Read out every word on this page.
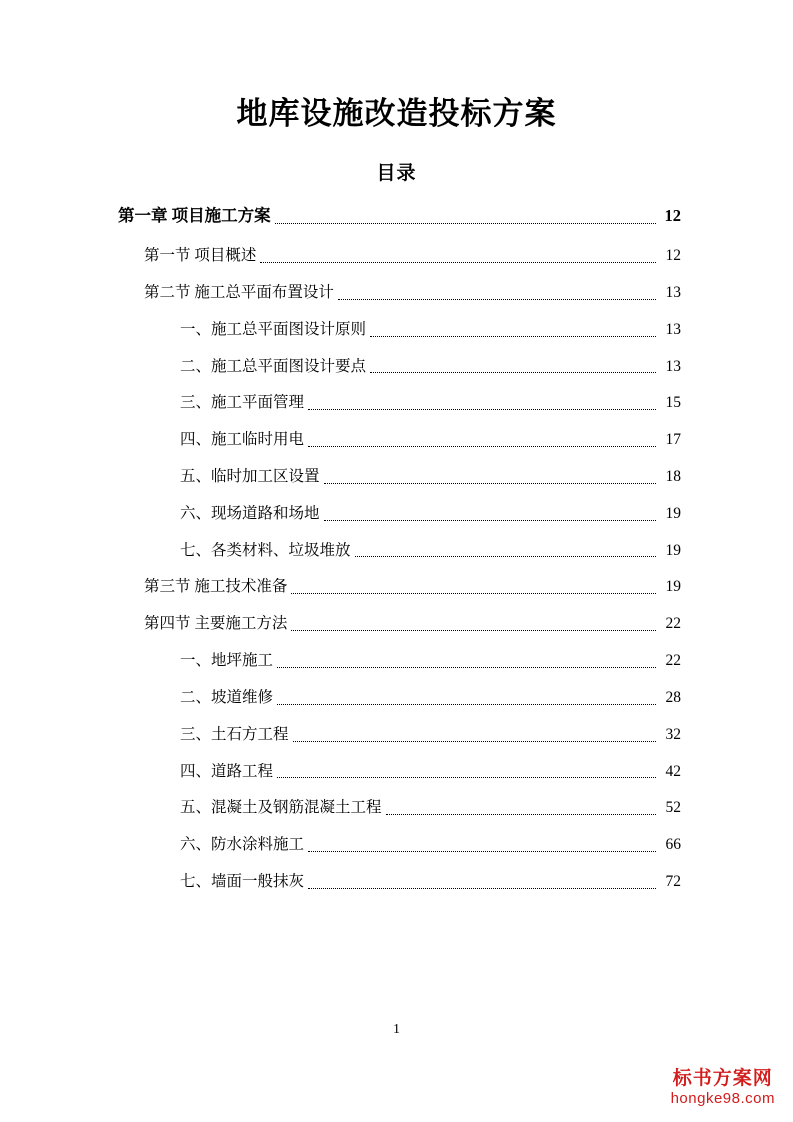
地库设施改造投标方案
目录
第一章 项目施工方案	12
第一节 项目概述	12
第二节 施工总平面布置设计	13
一、施工总平面图设计原则	13
二、施工总平面图设计要点	13
三、施工平面管理	15
四、施工临时用电	17
五、临时加工区设置	18
六、现场道路和场地	19
七、各类材料、垃圾堆放	19
第三节 施工技术准备	19
第四节 主要施工方法	22
一、地坪施工	22
二、坡道维修	28
三、土石方工程	32
四、道路工程	42
五、混凝土及钢筋混凝土工程	52
六、防水涂料施工	66
七、墙面一般抹灰	72
1
标书方案网
hongke98.com
